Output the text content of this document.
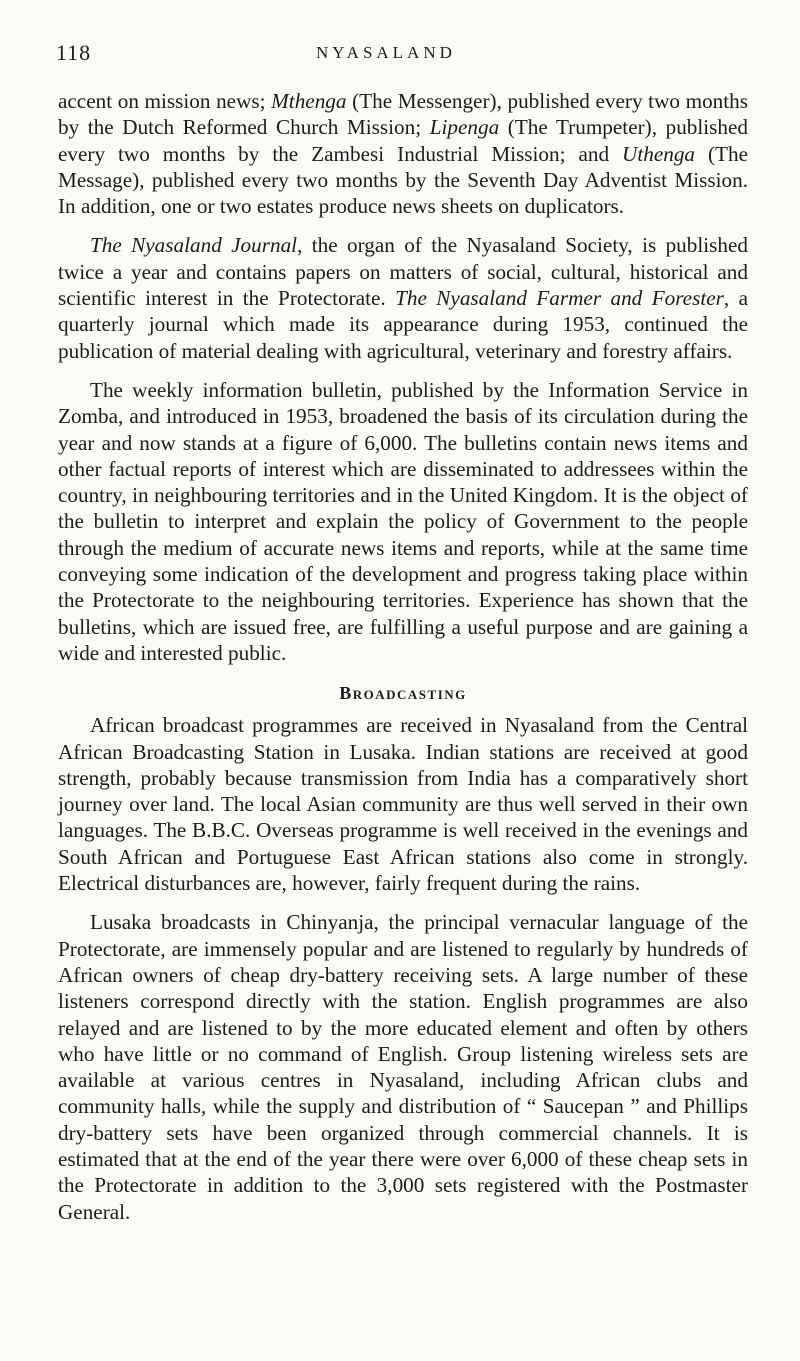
118	NYASALAND

accent on mission news; Mthenga (The Messenger), published every two months by the Dutch Reformed Church Mission; Lipenga (The Trumpeter), published every two months by the Zambesi Industrial Mission; and Uthenga (The Message), published every two months by the Seventh Day Adventist Mission. In addition, one or two estates produce news sheets on duplicators.

The Nyasaland Journal, the organ of the Nyasaland Society, is published twice a year and contains papers on matters of social, cultural, historical and scientific interest in the Protectorate. The Nyasaland Farmer and Forester, a quarterly journal which made its appearance during 1953, continued the publication of material dealing with agricultural, veterinary and forestry affairs.

The weekly information bulletin, published by the Information Service in Zomba, and introduced in 1953, broadened the basis of its circulation during the year and now stands at a figure of 6,000. The bulletins contain news items and other factual reports of interest which are disseminated to addressees within the country, in neighbouring territories and in the United Kingdom. It is the object of the bulletin to interpret and explain the policy of Government to the people through the medium of accurate news items and reports, while at the same time conveying some indication of the development and progress taking place within the Protectorate to the neighbouring territories. Experience has shown that the bulletins, which are issued free, are fulfilling a useful purpose and are gaining a wide and interested public.

Broadcasting

African broadcast programmes are received in Nyasaland from the Central African Broadcasting Station in Lusaka. Indian stations are received at good strength, probably because transmission from India has a comparatively short journey over land. The local Asian community are thus well served in their own languages. The B.B.C. Overseas programme is well received in the evenings and South African and Portuguese East African stations also come in strongly. Electrical disturbances are, however, fairly frequent during the rains.

Lusaka broadcasts in Chinyanja, the principal vernacular language of the Protectorate, are immensely popular and are listened to regularly by hundreds of African owners of cheap dry-battery receiving sets. A large number of these listeners correspond directly with the station. English programmes are also relayed and are listened to by the more educated element and often by others who have little or no command of English. Group listening wireless sets are available at various centres in Nyasaland, including African clubs and community halls, while the supply and distribution of “ Saucepan ” and Phillips dry-battery sets have been organized through commercial channels. It is estimated that at the end of the year there were over 6,000 of these cheap sets in the Protectorate in addition to the 3,000 sets registered with the Postmaster General.
